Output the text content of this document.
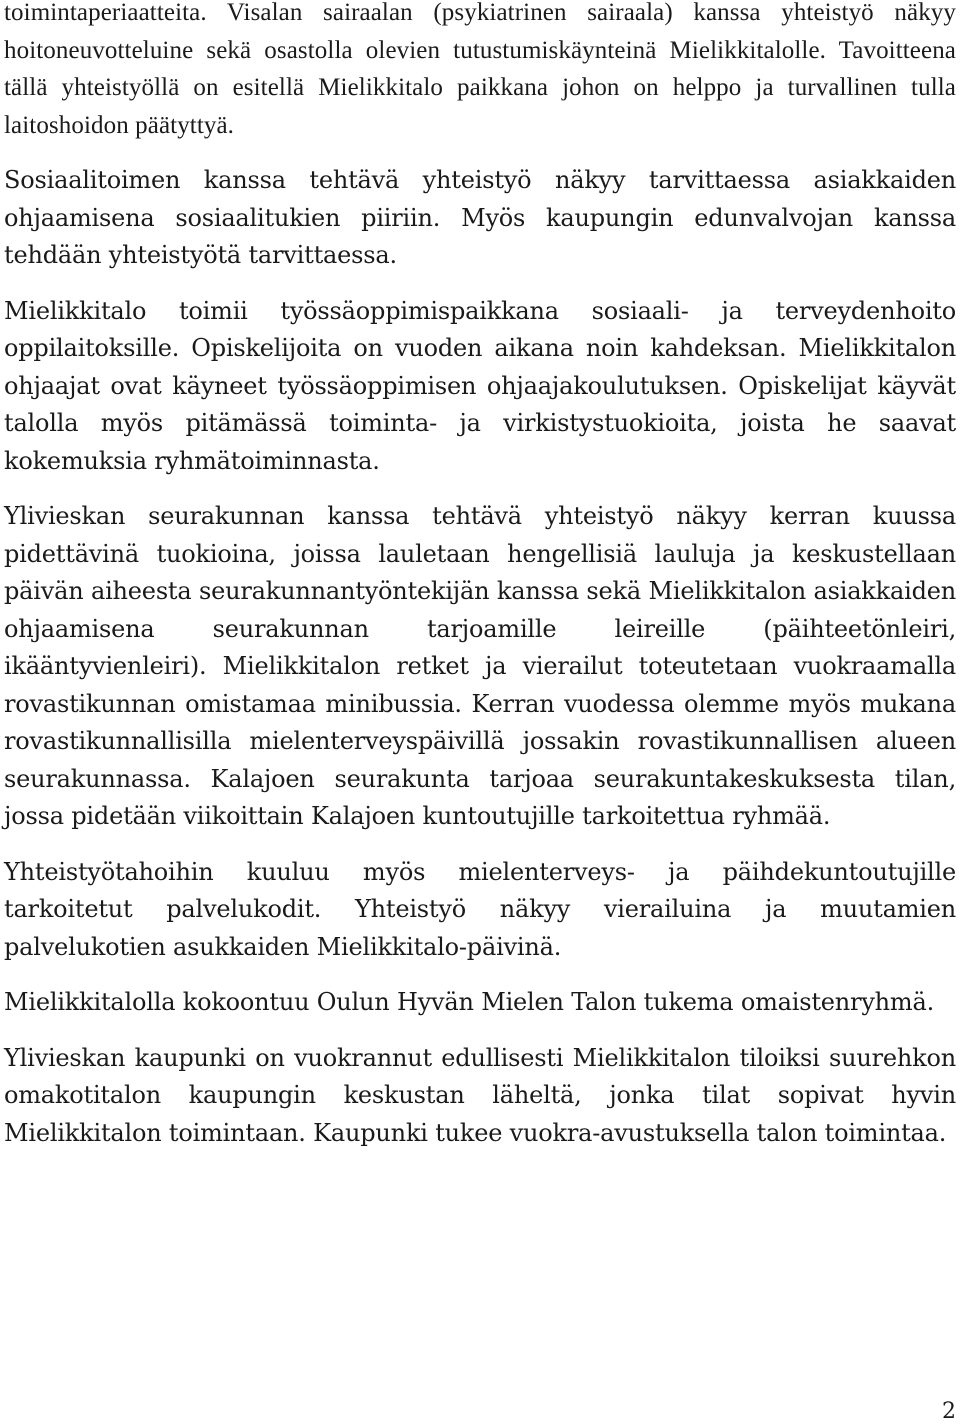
toimintaperiaatteita. Visalan sairaalan (psykiatrinen sairaala) kanssa yhteistyö näkyy hoitoneuvotteluine sekä osastolla olevien tutustumiskäynteinä Mielikkitalolle. Tavoitteena tällä yhteistyöllä on esitellä Mielikkitalo paikkana johon on helppo ja turvallinen tulla laitoshoidon päätyttyä.

Sosiaalitoimen kanssa tehtävä yhteistyö näkyy tarvittaessa asiakkaiden ohjaamisena sosiaalitukien piiriin. Myös kaupungin edunvalvojan kanssa tehdään yhteistyötä tarvittaessa.

Mielikkitalo toimii työssäoppimispaikkana sosiaali- ja terveydenhoito oppilaitoksille. Opiskelijoita on vuoden aikana noin kahdeksan. Mielikkitalon ohjaajat ovat käyneet työssäoppimisen ohjaajakoulutuksen. Opiskelijat käyvät talolla myös pitämässä toiminta- ja virkistystuokioita, joista he saavat kokemuksia ryhmätoiminnasta.

Ylivieskan seurakunnan kanssa tehtävä yhteistyö näkyy kerran kuussa pidettävinä tuokioina, joissa lauletaan hengellisiä lauluja ja keskustellaan päivän aiheesta seurakunnantyöntekijän kanssa sekä Mielikkitalon asiakkaiden ohjaamisena seurakunnan tarjoamille leireille (päihteetönleiri, ikääntyvienleiri). Mielikkitalon retket ja vierailut toteutetaan vuokraamalla rovastikunnan omistamaa minibussia. Kerran vuodessa olemme myös mukana rovastikunnallisilla mielenterveyspäivillä jossakin rovastikunnallisen alueen seurakunnassa. Kalajoen seurakunta tarjoaa seurakuntakeskuksesta tilan, jossa pidetään viikoittain Kalajoen kuntoutujille tarkoitettua ryhmää.

Yhteistyötahoihin kuuluu myös mielenterveys- ja päihdekuntoutujille tarkoitetut palvelukodit. Yhteistyö näkyy vierailuina ja muutamien palvelukotien asukkaiden Mielikkitalo-päivinä.

Mielikkitalolla kokoontuu Oulun Hyvän Mielen Talon tukema omaistenryhmä.

Ylivieskan kaupunki on vuokrannut edullisesti Mielikkitalon tiloiksi suurehkon omakotitalon kaupungin keskustan läheltä, jonka tilat sopivat hyvin Mielikkitalon toimintaan. Kaupunki tukee vuokra-avustuksella talon toimintaa.

2
